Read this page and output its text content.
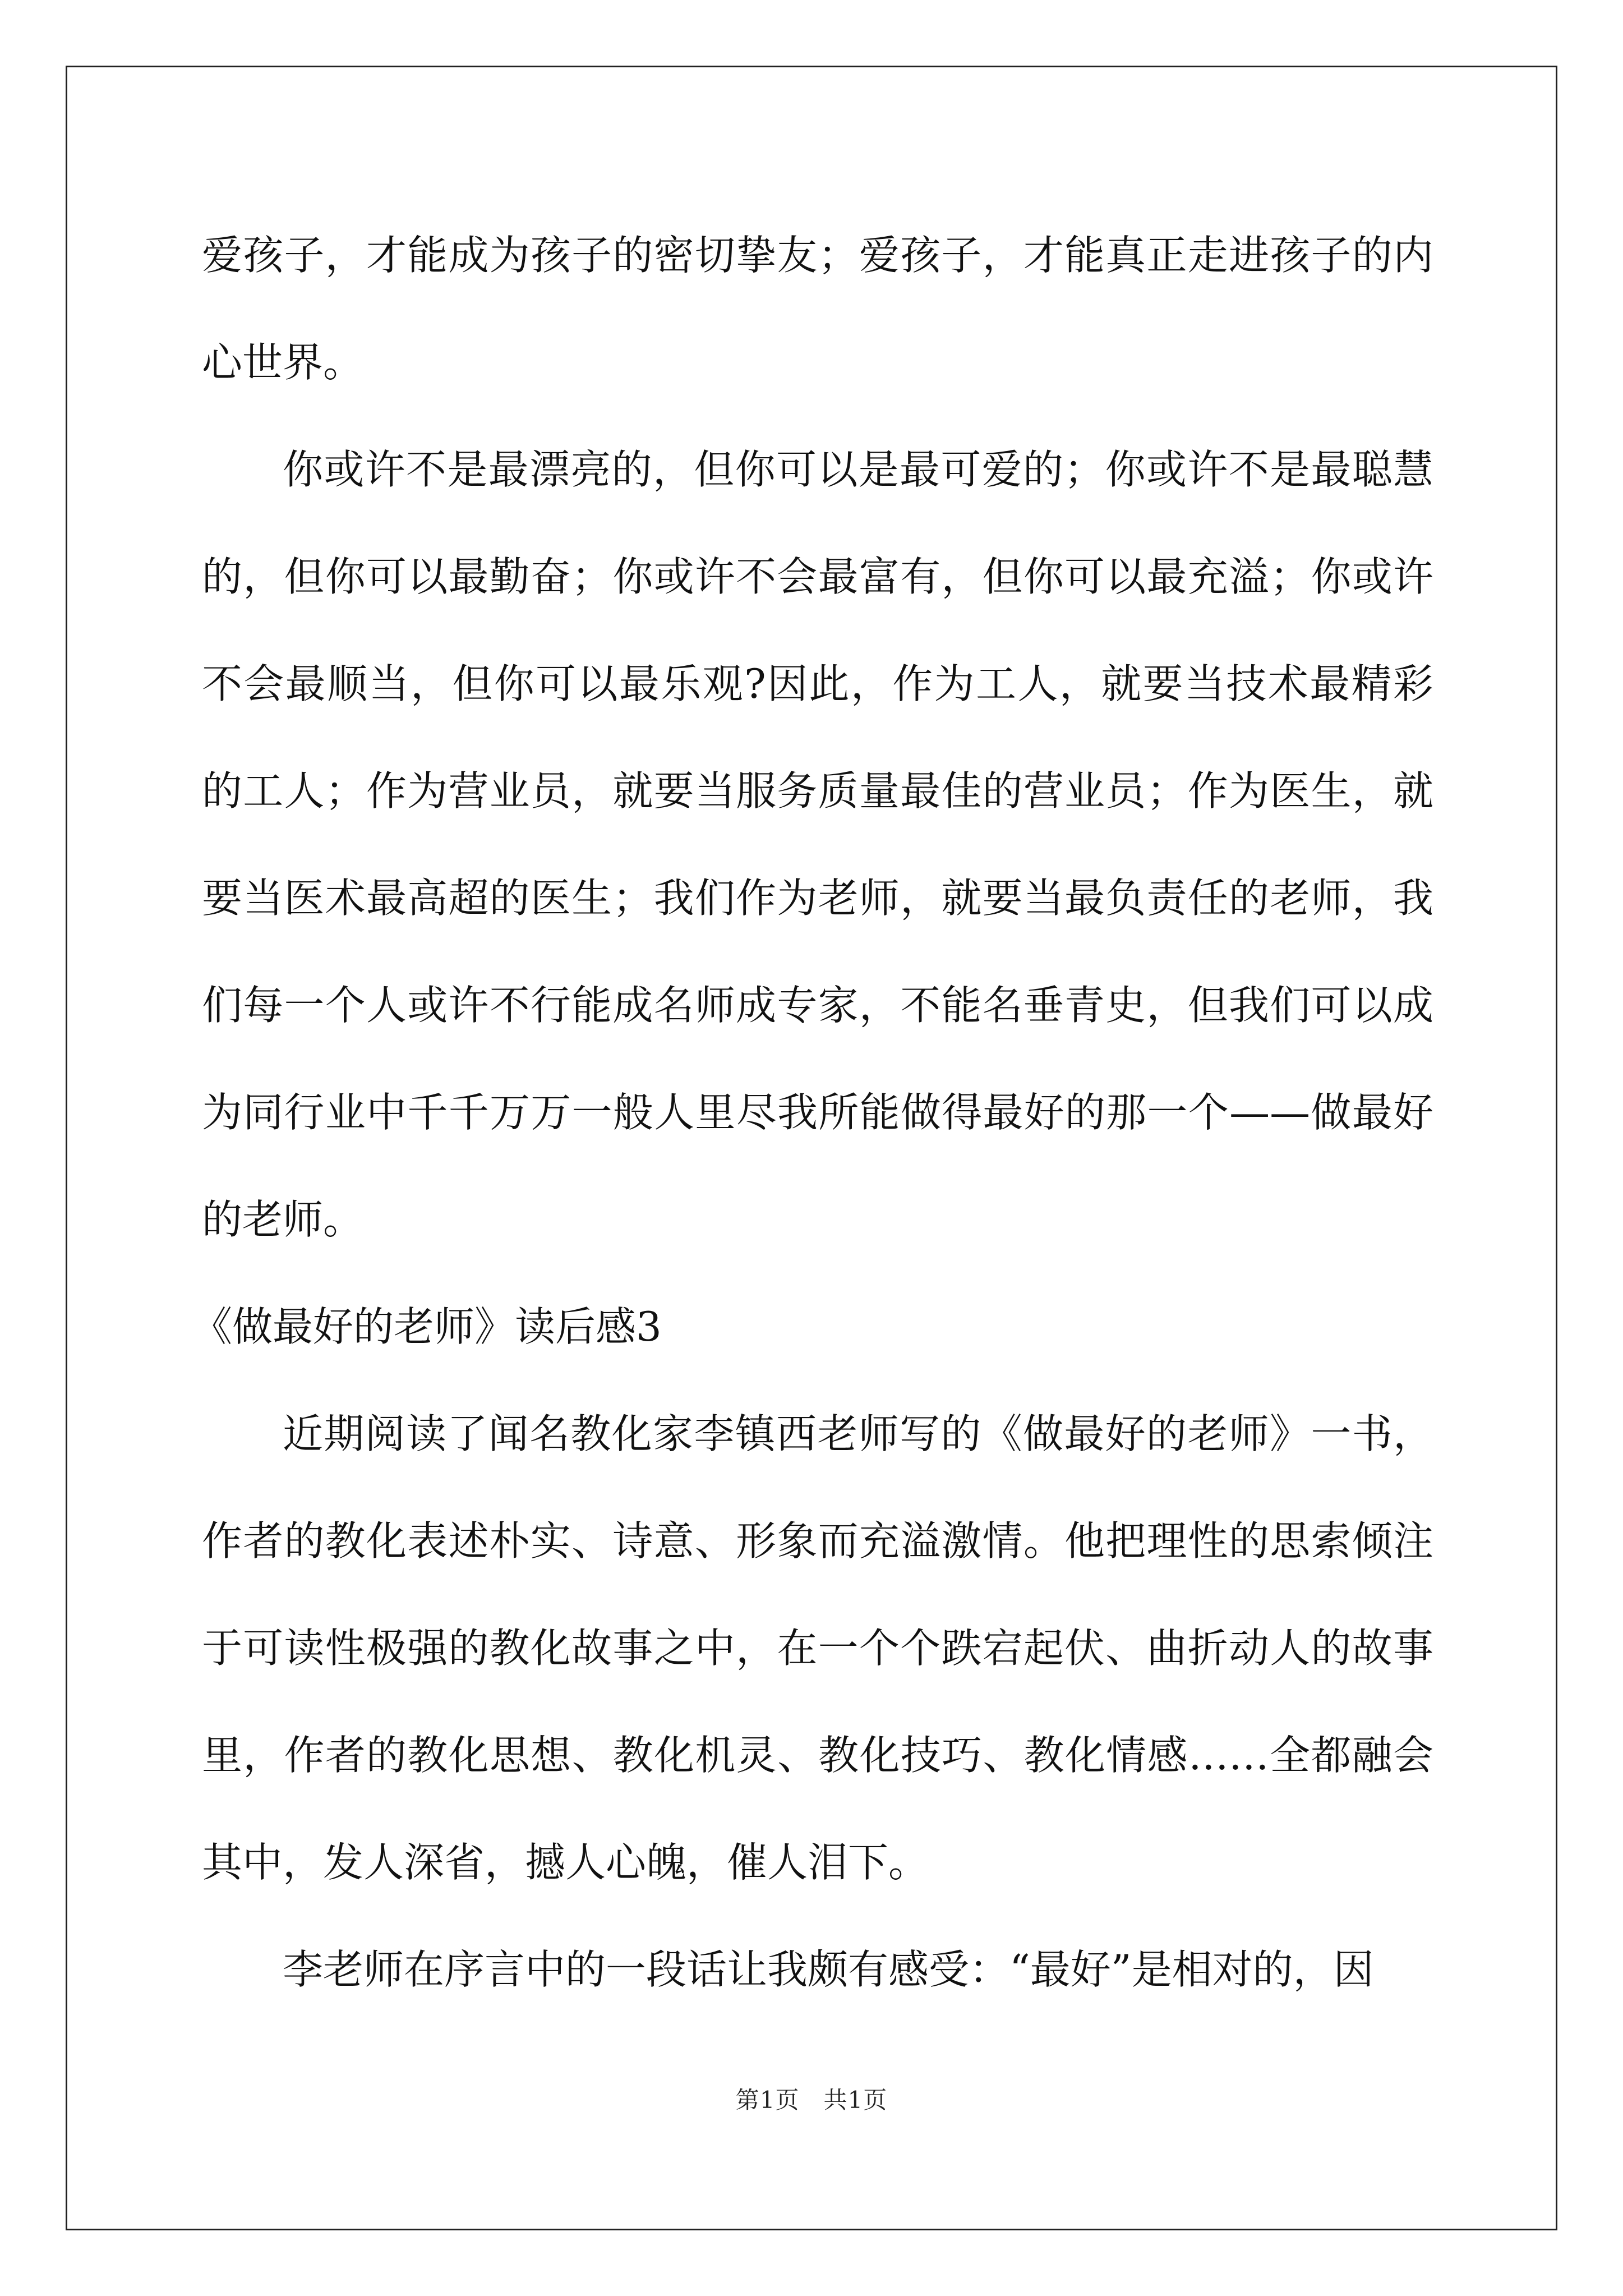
爱孩子，才能成为孩子的密切挚友；爱孩子，才能真正走进孩子的内心世界。

你或许不是最漂亮的，但你可以是最可爱的；你或许不是最聪慧的，但你可以最勤奋；你或许不会最富有，但你可以最充溢；你或许不会最顺当，但你可以最乐观?因此，作为工人，就要当技术最精彩的工人；作为营业员，就要当服务质量最佳的营业员；作为医生，就要当医术最高超的医生；我们作为老师，就要当最负责任的老师，我们每一个人或许不行能成名师成专家，不能名垂青史，但我们可以成为同行业中千千万万一般人里尽我所能做得最好的那一个——做最好的老师。

《做最好的老师》读后感3

近期阅读了闻名教化家李镇西老师写的《做最好的老师》一书，作者的教化表述朴实、诗意、形象而充溢激情。他把理性的思索倾注于可读性极强的教化故事之中，在一个个跌宕起伏、曲折动人的故事里，作者的教化思想、教化机灵、教化技巧、教化情感……全都融会其中，发人深省，撼人心魄，催人泪下。

李老师在序言中的一段话让我颇有感受：“最好”是相对的，因

第1页　共1页
